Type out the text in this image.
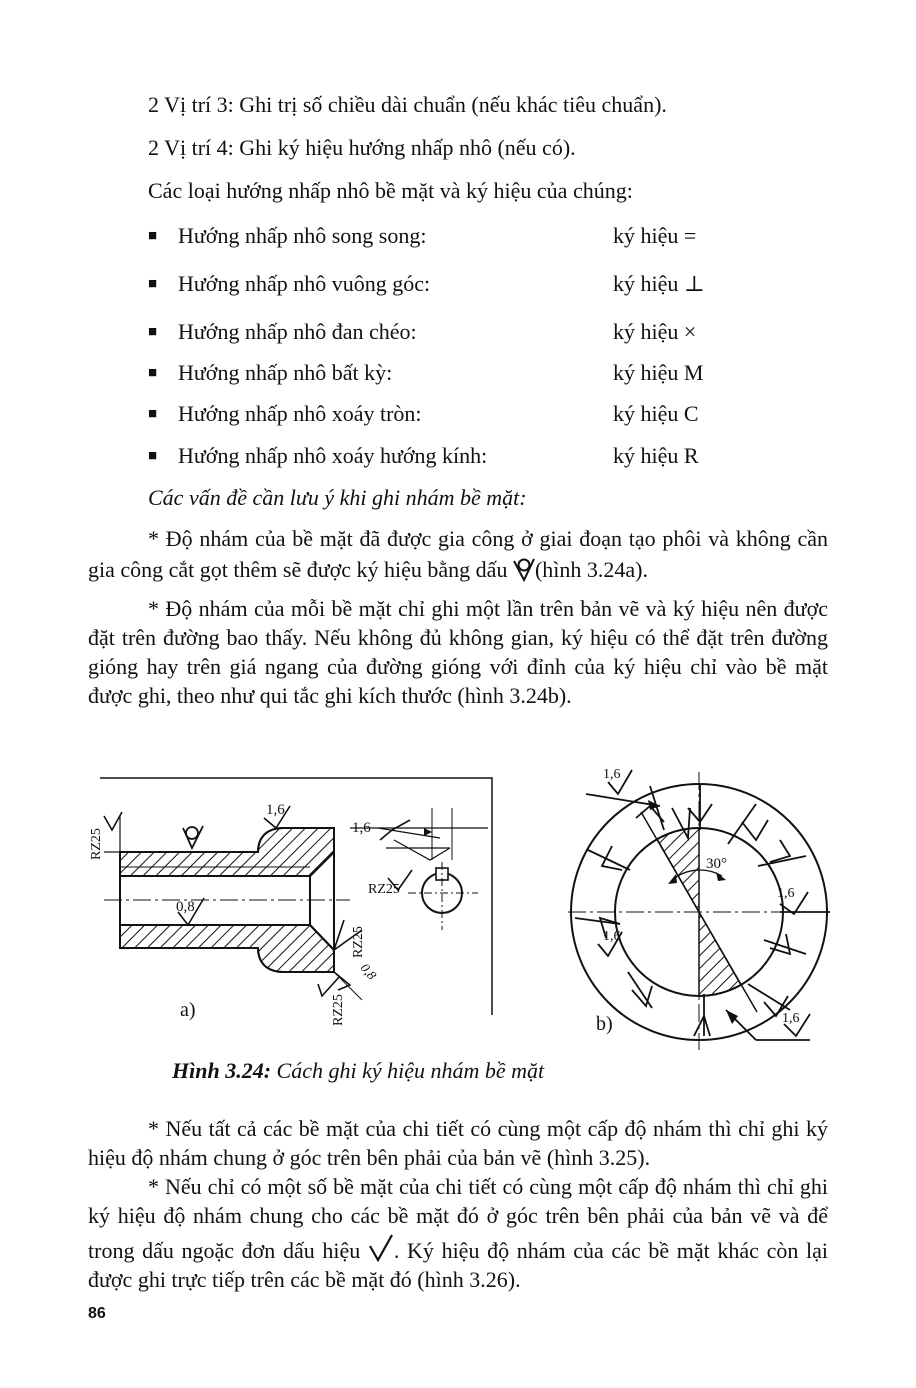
2 Vị trí 3: Ghi trị số chiều dài chuẩn (nếu khác tiêu chuẩn).
2 Vị trí 4: Ghi ký hiệu hướng nhấp nhô (nếu có).
Các loại hướng nhấp nhô bề mặt và ký hiệu của chúng:
■ Hướng nhấp nhô song song:	ký hiệu =
■ Hướng nhấp nhô vuông góc:	ký hiệu ⊥
■ Hướng nhấp nhô đan chéo:	ký hiệu ×
■ Hướng nhấp nhô bất kỳ:	ký hiệu M
■ Hướng nhấp nhô xoáy tròn:	ký hiệu C
■ Hướng nhấp nhô xoáy hướng kính:	ký hiệu R
Các vấn đề cần lưu ý khi ghi nhám bề mặt:
* Độ nhám của bề mặt đã được gia công ở giai đoạn tạo phôi và không cần gia công cắt gọt thêm sẽ được ký hiệu bằng dấu (hình 3.24a).
* Độ nhám của mỗi bề mặt chỉ ghi một lần trên bản vẽ và ký hiệu nên được đặt trên đường bao thấy. Nếu không đủ không gian, ký hiệu có thể đặt trên đường gióng hay trên giá ngang của đường gióng với đỉnh của ký hiệu chỉ vào bề mặt được ghi, theo như qui tắc ghi kích thước (hình 3.24b).
1,6
0,8
1,6
RZ25
RZ25
RZ25
RZ25
0,8
a)
1,6
1,6
1,6
1,6
30°
b)
Hình 3.24: Cách ghi ký hiệu nhám bề mặt
* Nếu tất cả các bề mặt của chi tiết có cùng một cấp độ nhám thì chỉ ghi ký hiệu độ nhám chung ở góc trên bên phải của bản vẽ (hình 3.25).
* Nếu chỉ có một số bề mặt của chi tiết có cùng một cấp độ nhám thì chỉ ghi ký hiệu độ nhám chung cho các bề mặt đó ở góc trên bên phải của bản vẽ và để trong dấu ngoặc đơn dấu hiệu . Ký hiệu độ nhám của các bề mặt khác còn lại được ghi trực tiếp trên các bề mặt đó (hình 3.26).
86
